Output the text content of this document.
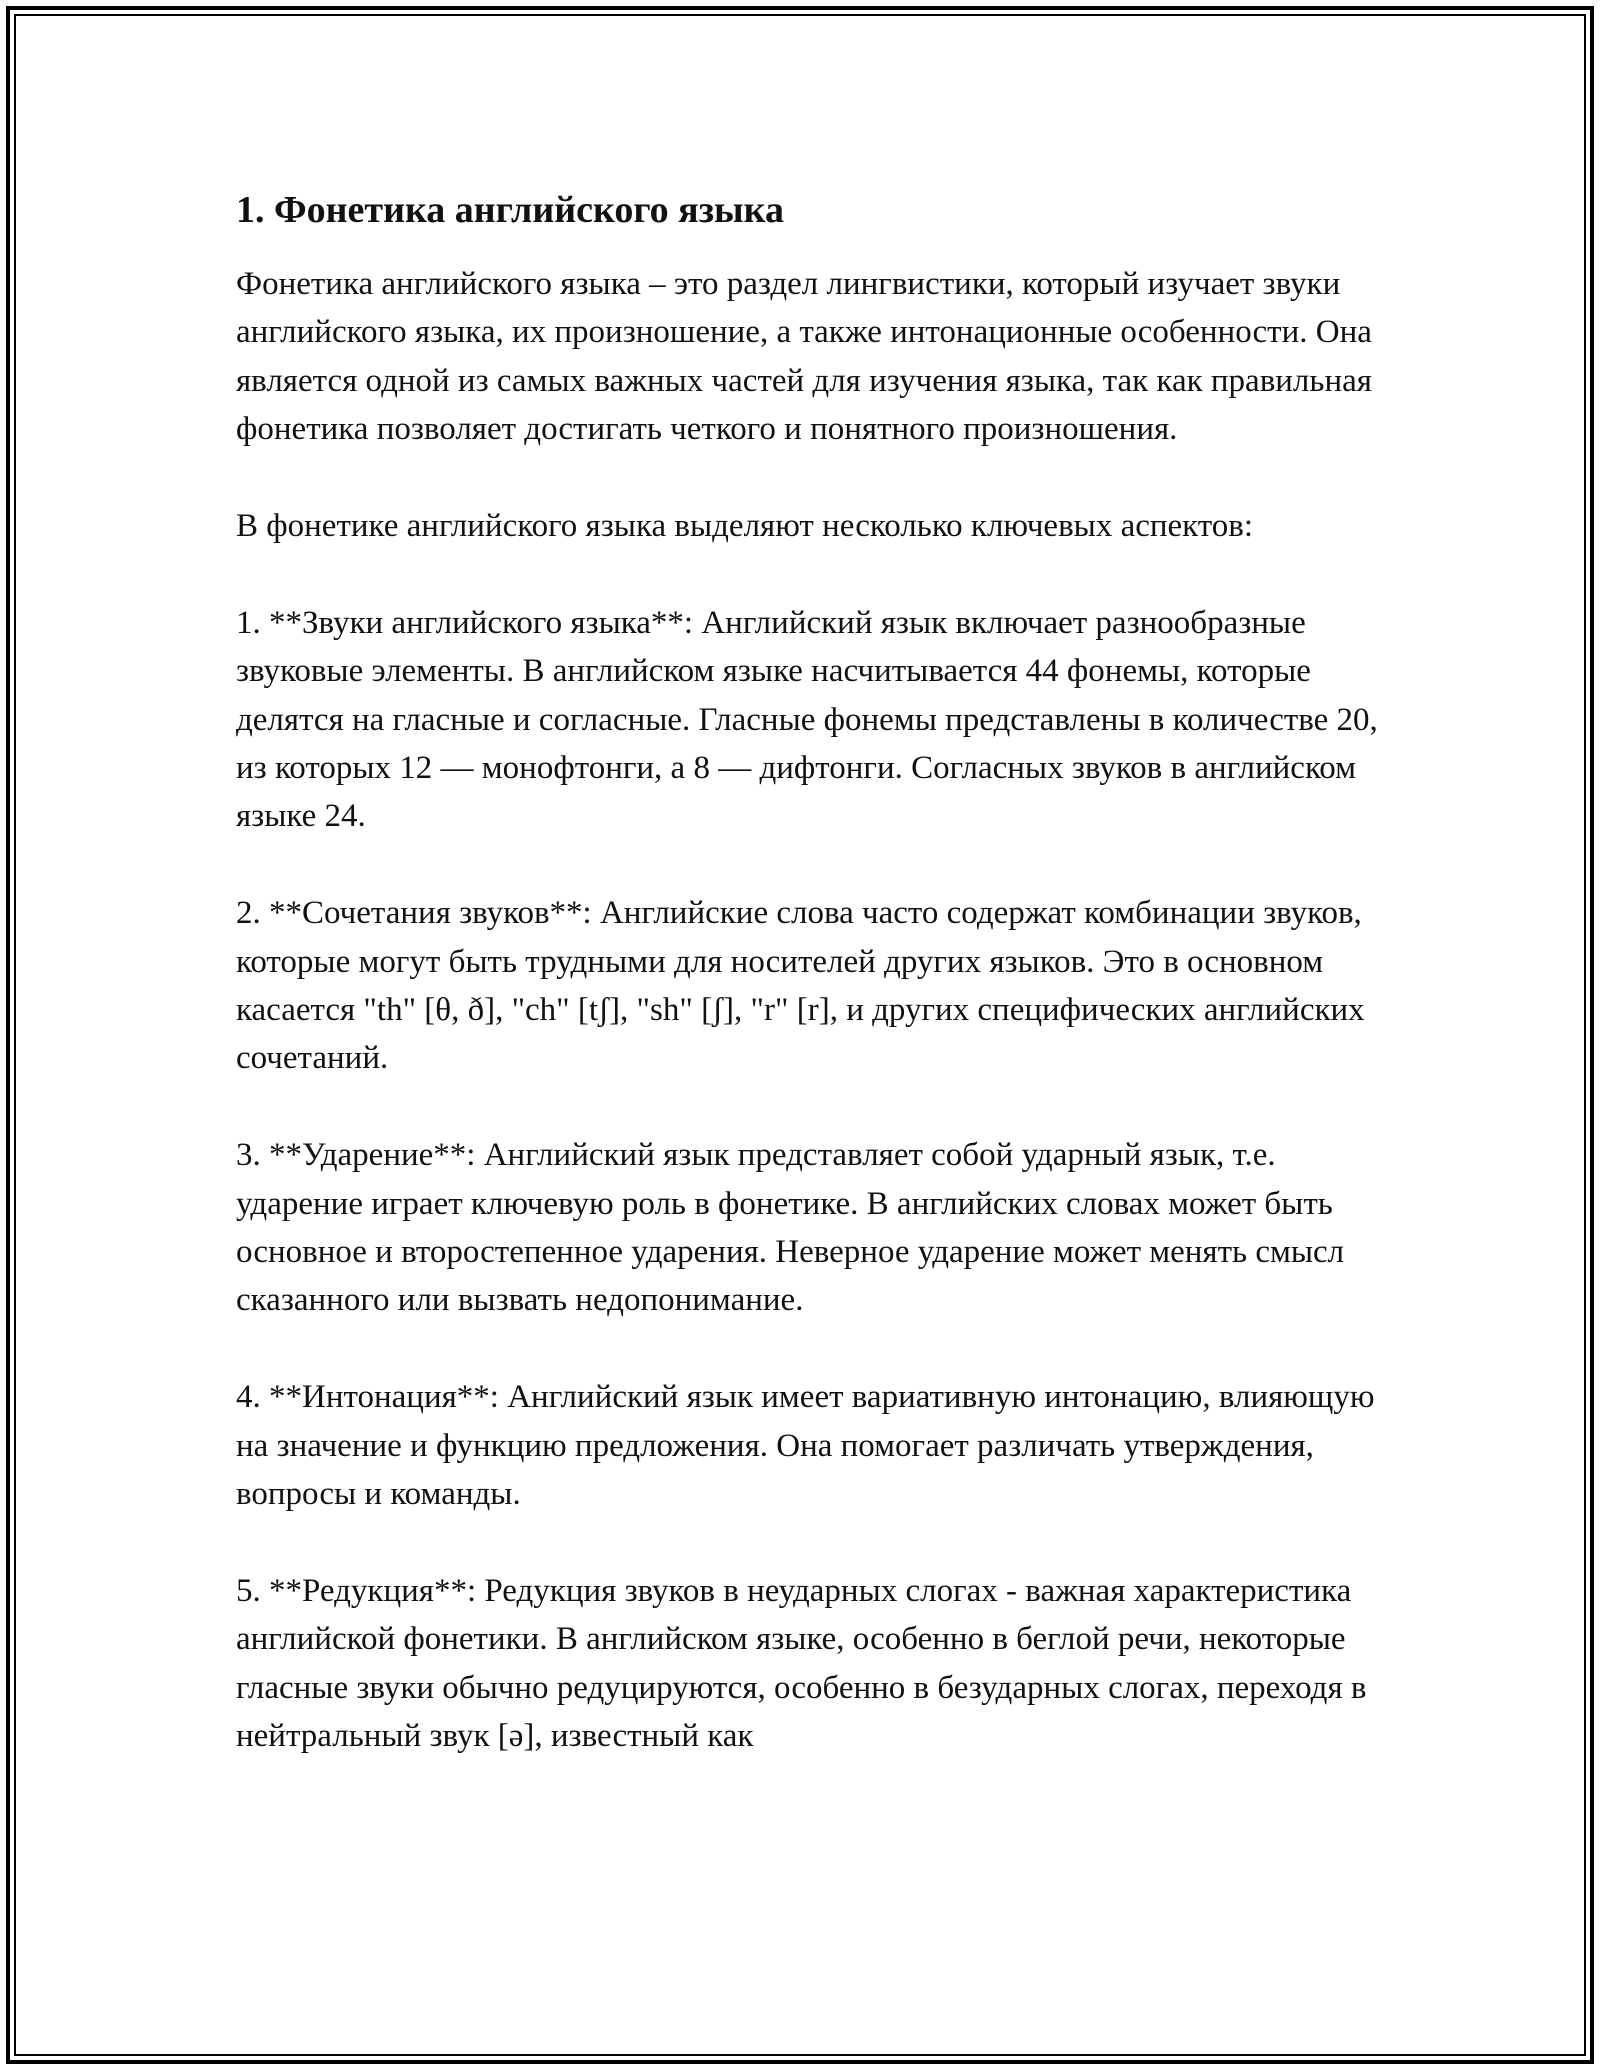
1. Фонетика английского языка

Фонетика английского языка – это раздел лингвистики, который изучает звуки английского языка, их произношение, а также интонационные особенности. Она является одной из самых важных частей для изучения языка, так как правильная фонетика позволяет достигать четкого и понятного произношения.

В фонетике английского языка выделяют несколько ключевых аспектов:

1. **Звуки английского языка**: Английский язык включает разнообразные звуковые элементы. В английском языке насчитывается 44 фонемы, которые делятся на гласные и согласные. Гласные фонемы представлены в количестве 20, из которых 12 — монофтонги, а 8 — дифтонги. Согласных звуков в английском языке 24.

2. **Сочетания звуков**: Английские слова часто содержат комбинации звуков, которые могут быть трудными для носителей других языков. Это в основном касается "th" [θ, ð], "ch" [tʃ], "sh" [ʃ], "r" [r], и других специфических английских сочетаний.

3. **Ударение**: Английский язык представляет собой ударный язык, т.е. ударение играет ключевую роль в фонетике. В английских словах может быть основное и второстепенное ударения. Неверное ударение может менять смысл сказанного или вызвать недопонимание.

4. **Интонация**: Английский язык имеет вариативную интонацию, влияющую на значение и функцию предложения. Она помогает различать утверждения, вопросы и команды.

5. **Редукция**: Редукция звуков в неударных слогах - важная характеристика английской фонетики. В английском языке, особенно в беглой речи, некоторые гласные звуки обычно редуцируются, особенно в безударных слогах, переходя в нейтральный звук [ə], известный как
